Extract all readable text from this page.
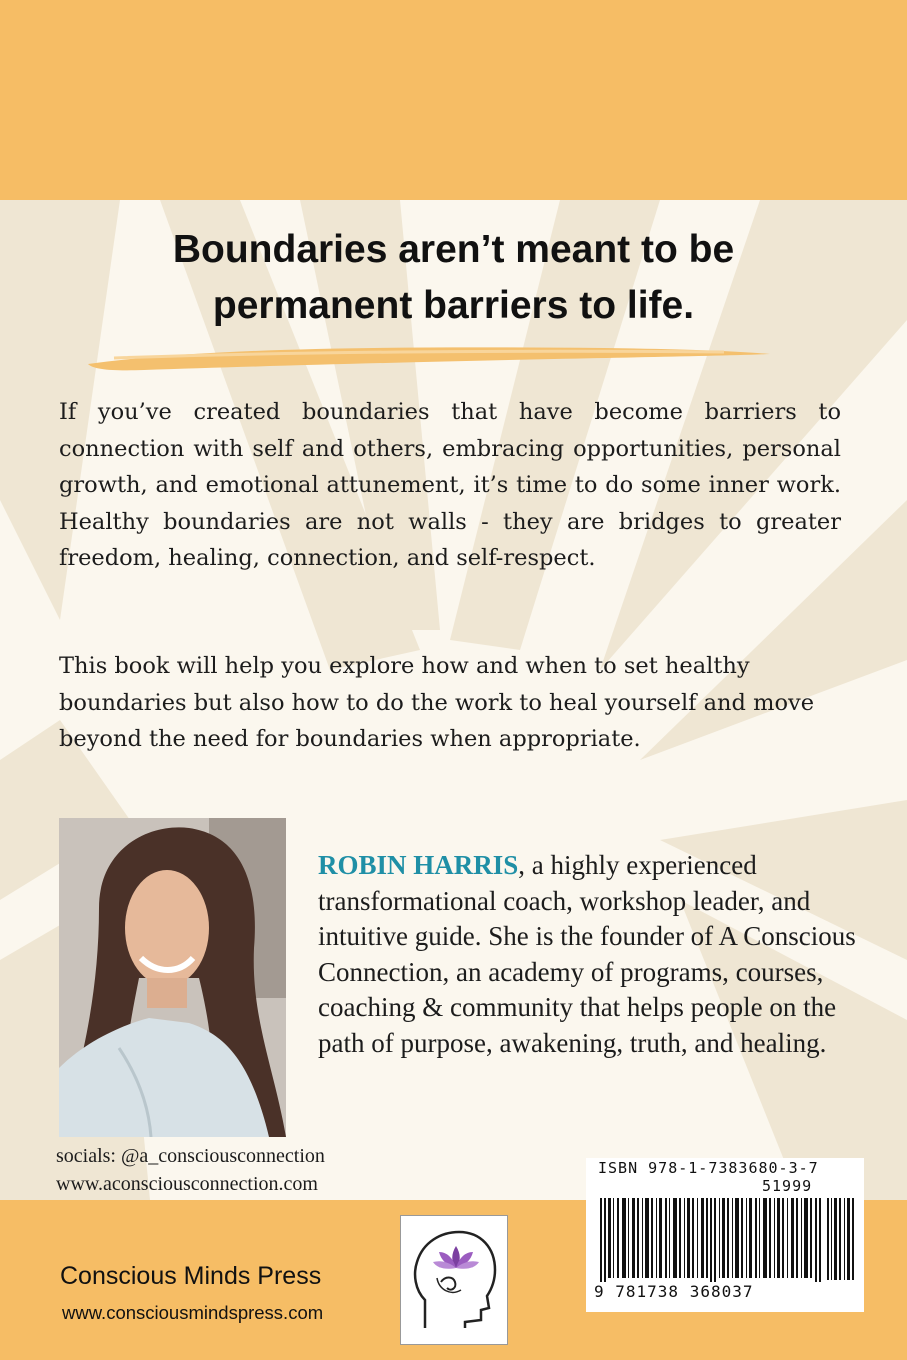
Boundaries aren’t meant to be
permanent barriers to life.

If you’ve created boundaries that have become barriers to connection with self and others, embracing opportunities, personal growth, and emotional attunement, it’s time to do some inner work. Healthy boundaries are not walls - they are bridges to greater freedom, healing, connection, and self-respect.

This book will help you explore how and when to set healthy boundaries but also how to do the work to heal yourself and move beyond the need for boundaries when appropriate.

ROBIN HARRIS, a highly experienced transformational coach, workshop leader, and intuitive guide. She is the founder of A Conscious Connection, an academy of programs, courses, coaching & community that helps people on the path of purpose, awakening, truth, and healing.

socials: @a_consciousconnection
www.aconsciousconnection.com

Conscious Minds Press

www.consciousmindspress.com

ISBN 978-1-7383680-3-7

51999

9 781738 368037
